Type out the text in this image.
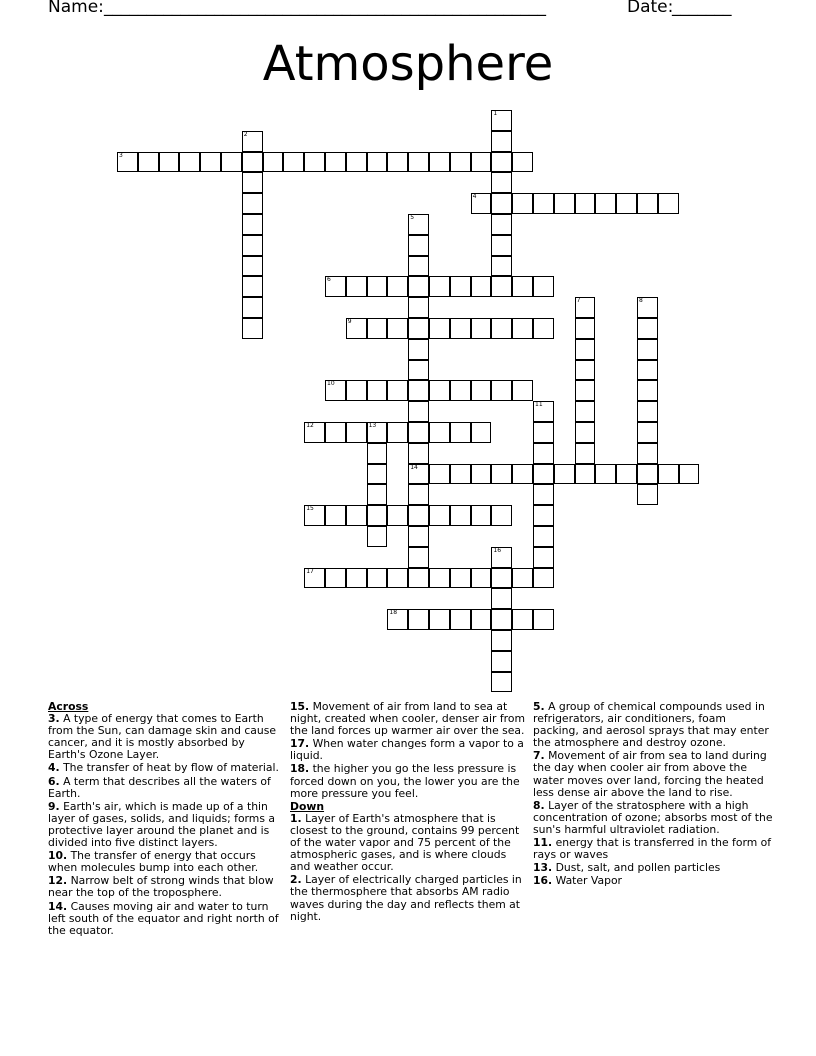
Name: ____________________________________________________	Date:
_______
Atmosphere
1
2
3
4
5
14
6
7	8
9
10
11
12	13
15
16
17
18
Across
3. A type of energy that comes to Earth from the Sun, can damage skin and cause cancer, and it is mostly absorbed by Earth's Ozone Layer.
4. The transfer of heat by flow of material.
6. A term that describes all the waters of Earth.
9. Earth's air, which is made up of a thin layer of gases, solids, and liquids; forms a protective layer around the planet and is divided into five distinct layers.
10. The transfer of energy that occurs when molecules bump into each other.
12. Narrow belt of strong winds that blow near the top of the troposphere.
14. Causes moving air and water to turn left south of the equator and right north of the equator.
15. Movement of air from land to sea at night, created when cooler, denser air from the land forces up warmer air over the sea.
17. When water changes form a vapor to a liquid.
18. the higher you go the less pressure is forced down on you, the lower you are the more pressure you feel.
Down
1. Layer of Earth's atmosphere that is closest to the ground, contains 99 percent of the water vapor and 75 percent of the atmospheric gases, and is where clouds and weather occur.
2. Layer of electrically charged particles in the thermosphere that absorbs AM radio waves during the day and reflects them at night.
5. A group of chemical compounds used in refrigerators, air conditioners, foam packing, and aerosol sprays that may enter the atmosphere and destroy ozone.
7. Movement of air from sea to land during the day when cooler air from above the water moves over land, forcing the heated less dense air above the land to rise.
8. Layer of the stratosphere with a high concentration of ozone; absorbs most of the sun's harmful ultraviolet radiation.
11. energy that is transferred in the form of rays or waves
13. Dust, salt, and pollen particles
16. Water Vapor
